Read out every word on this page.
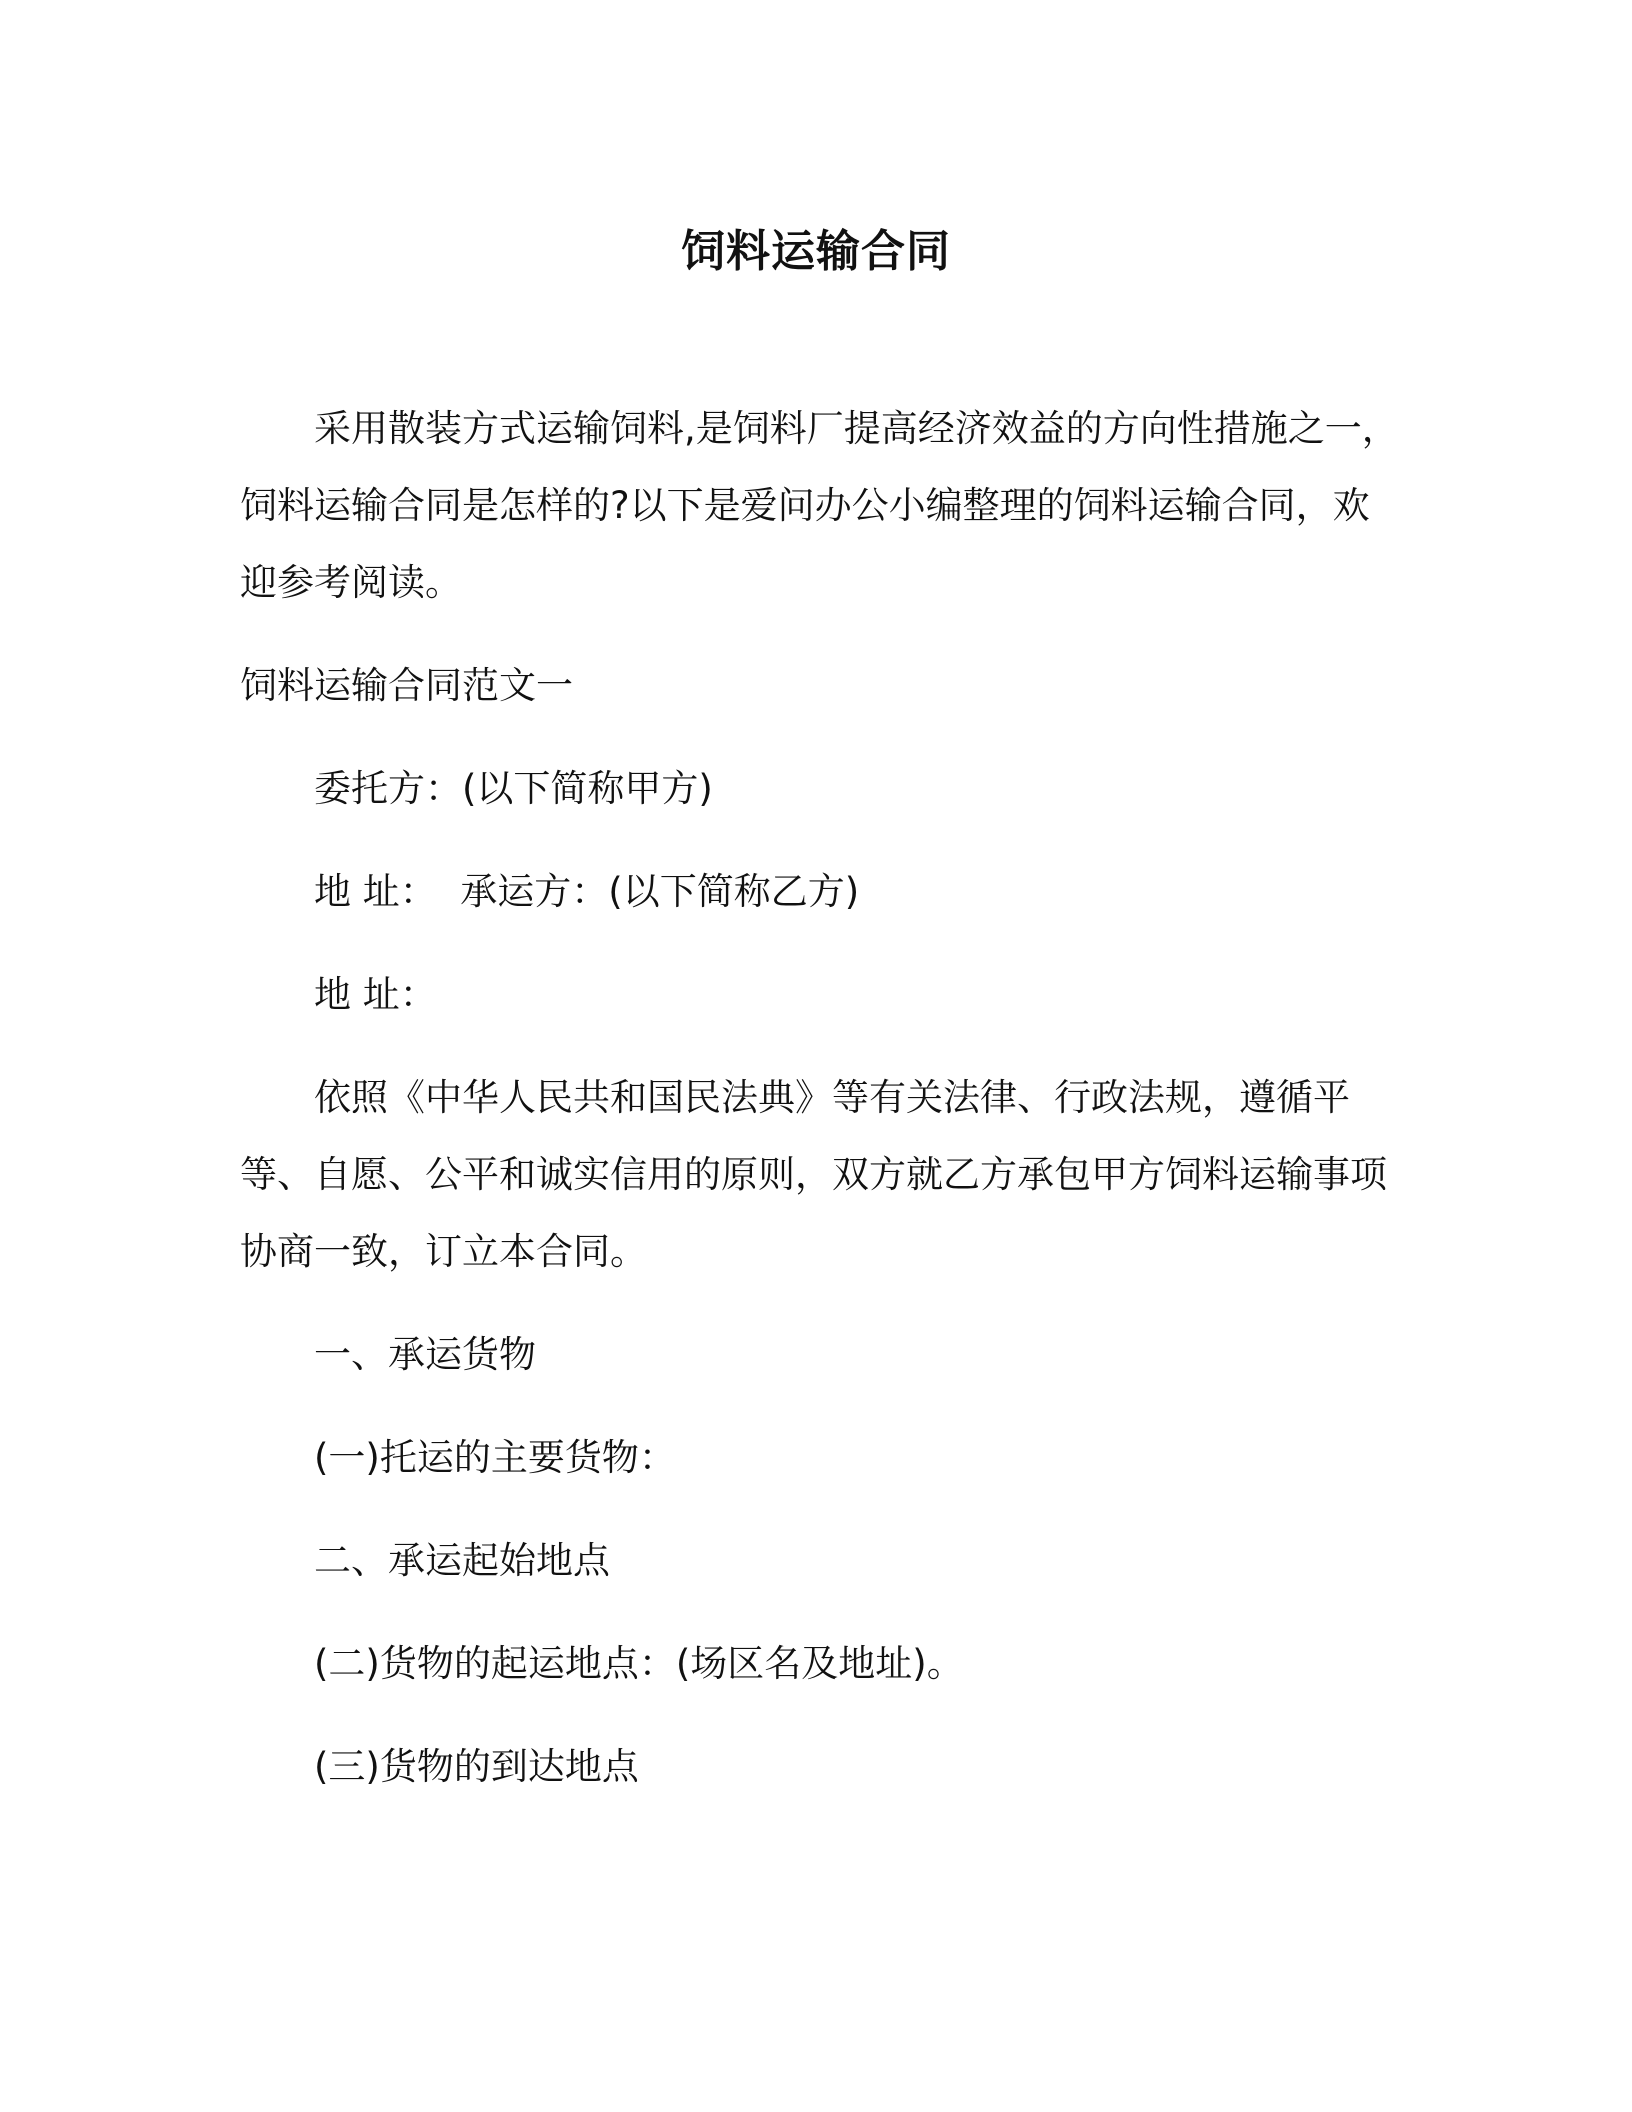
饲料运输合同

采用散装方式运输饲料,是饲料厂提高经济效益的方向性措施之一，饲料运输合同是怎样的?以下是爱问办公小编整理的饲料运输合同，欢迎参考阅读。

饲料运输合同范文一

委托方：(以下简称甲方)

地 址：  承运方：(以下简称乙方)

地 址：

依照《中华人民共和国民法典》等有关法律、行政法规，遵循平等、自愿、公平和诚实信用的原则，双方就乙方承包甲方饲料运输事项协商一致，订立本合同。

一、承运货物

(一)托运的主要货物：

二、承运起始地点

(二)货物的起运地点：(场区名及地址)。

(三)货物的到达地点
